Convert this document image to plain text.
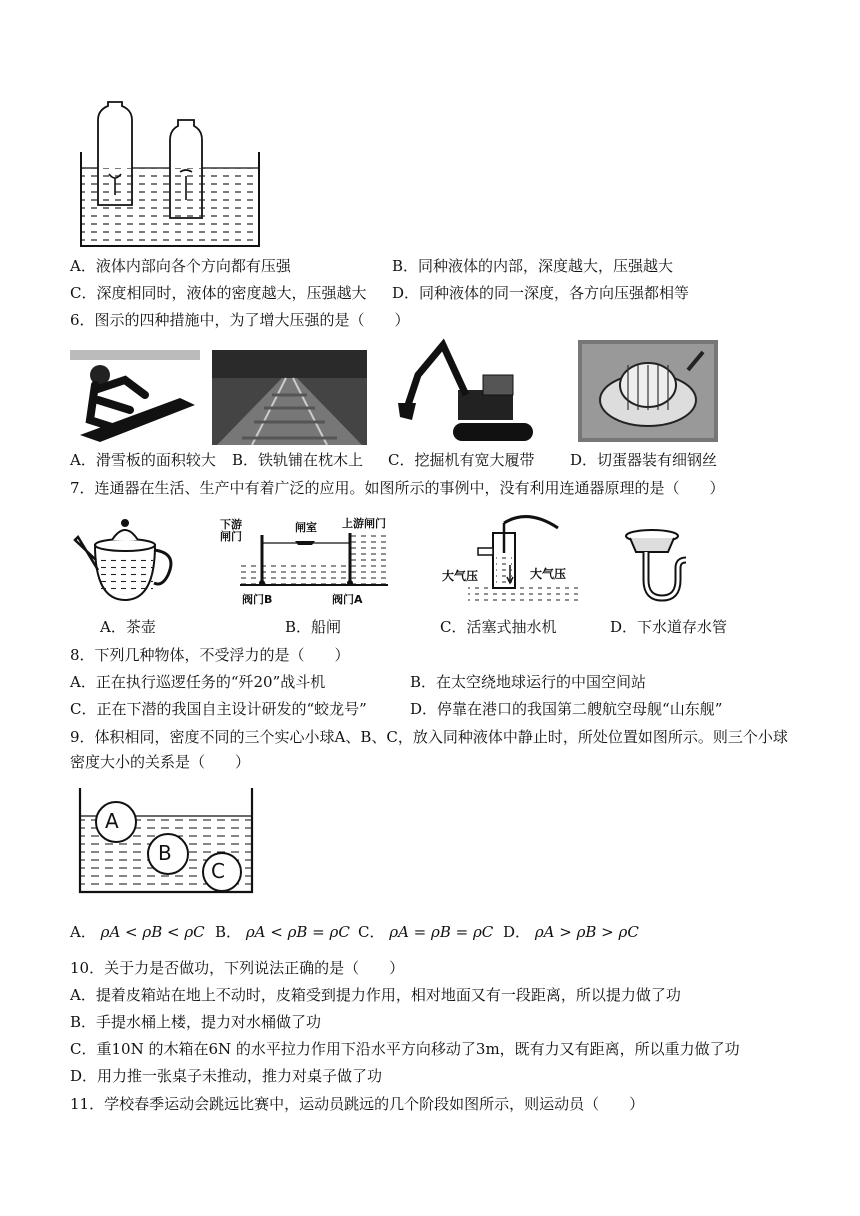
A．液体内部向各个方向都有压强	B．同种液体的内部，深度越大，压强越大
C．深度相同时，液体的密度越大，压强越大 D．同种液体的同一深度，各方向压强都相等
6．图示的四种措施中，为了增大压强的是（　　）
A．滑雪板的面积较大 B．铁轨铺在枕木上 C．挖掘机有宽大履带 D．切蛋器装有细钢丝
7．连通器在生活、生产中有着广泛的应用。如图所示的事例中，没有利用连通器原理的是（　　）
下游闸门
闸室 上游闸门
阀门B	阀门A
大气压	大气压
A．茶壶	B．船闸	C．活塞式抽水机	D．下水道存水管
8．下列几种物体，不受浮力的是（　　）
A．正在执行巡逻任务的“歼20”战斗机	B．在太空绕地球运行的中国空间站
C．正在下潜的我国自主设计研发的“蛟龙号”	D．停靠在港口的我国第二艘航空母舰“山东舰”
9．体积相同，密度不同的三个实心小球A、B、C，放入同种液体中静止时，所处位置如图所示。则三个小球
密度大小的关系是（　　）
A
B
C
A． ρA < ρB < ρC B． ρA < ρB = ρC C． ρA = ρB = ρC D． ρA > ρB > ρC
10．关于力是否做功，下列说法正确的是（　　）
A．提着皮箱站在地上不动时，皮箱受到提力作用，相对地面又有一段距离，所以提力做了功
B．手提水桶上楼，提力对水桶做了功
C．重10N 的木箱在6N 的水平拉力作用下沿水平方向移动了3m，既有力又有距离，所以重力做了功
D．用力推一张桌子未推动，推力对桌子做了功
11．学校春季运动会跳远比赛中，运动员跳远的几个阶段如图所示，则运动员（　　）
